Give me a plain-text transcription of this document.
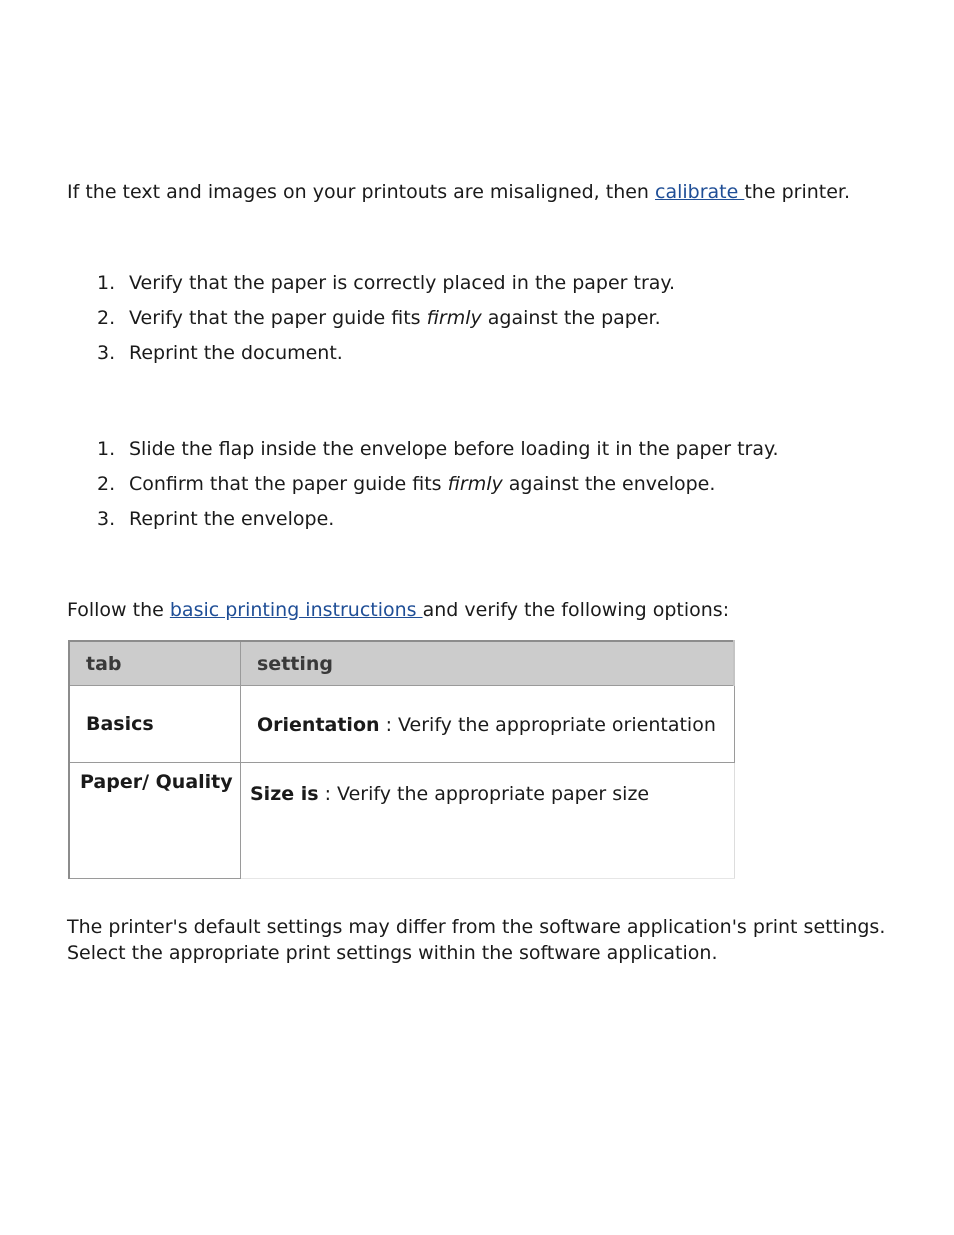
If the text and images on your printouts are misaligned, then calibrate the printer.

1. Verify that the paper is correctly placed in the paper tray.
2. Verify that the paper guide fits firmly against the paper.
3. Reprint the document.
1. Slide the flap inside the envelope before loading it in the paper tray.
2. Confirm that the paper guide fits firmly against the envelope.
3. Reprint the envelope.

Follow the basic printing instructions and verify the following options:

tab	setting
Basics	Orientation : Verify the appropriate orientation
Paper/ Quality	Size is : Verify the appropriate paper size

The printer's default settings may differ from the software application's print settings.
Select the appropriate print settings within the software application.
